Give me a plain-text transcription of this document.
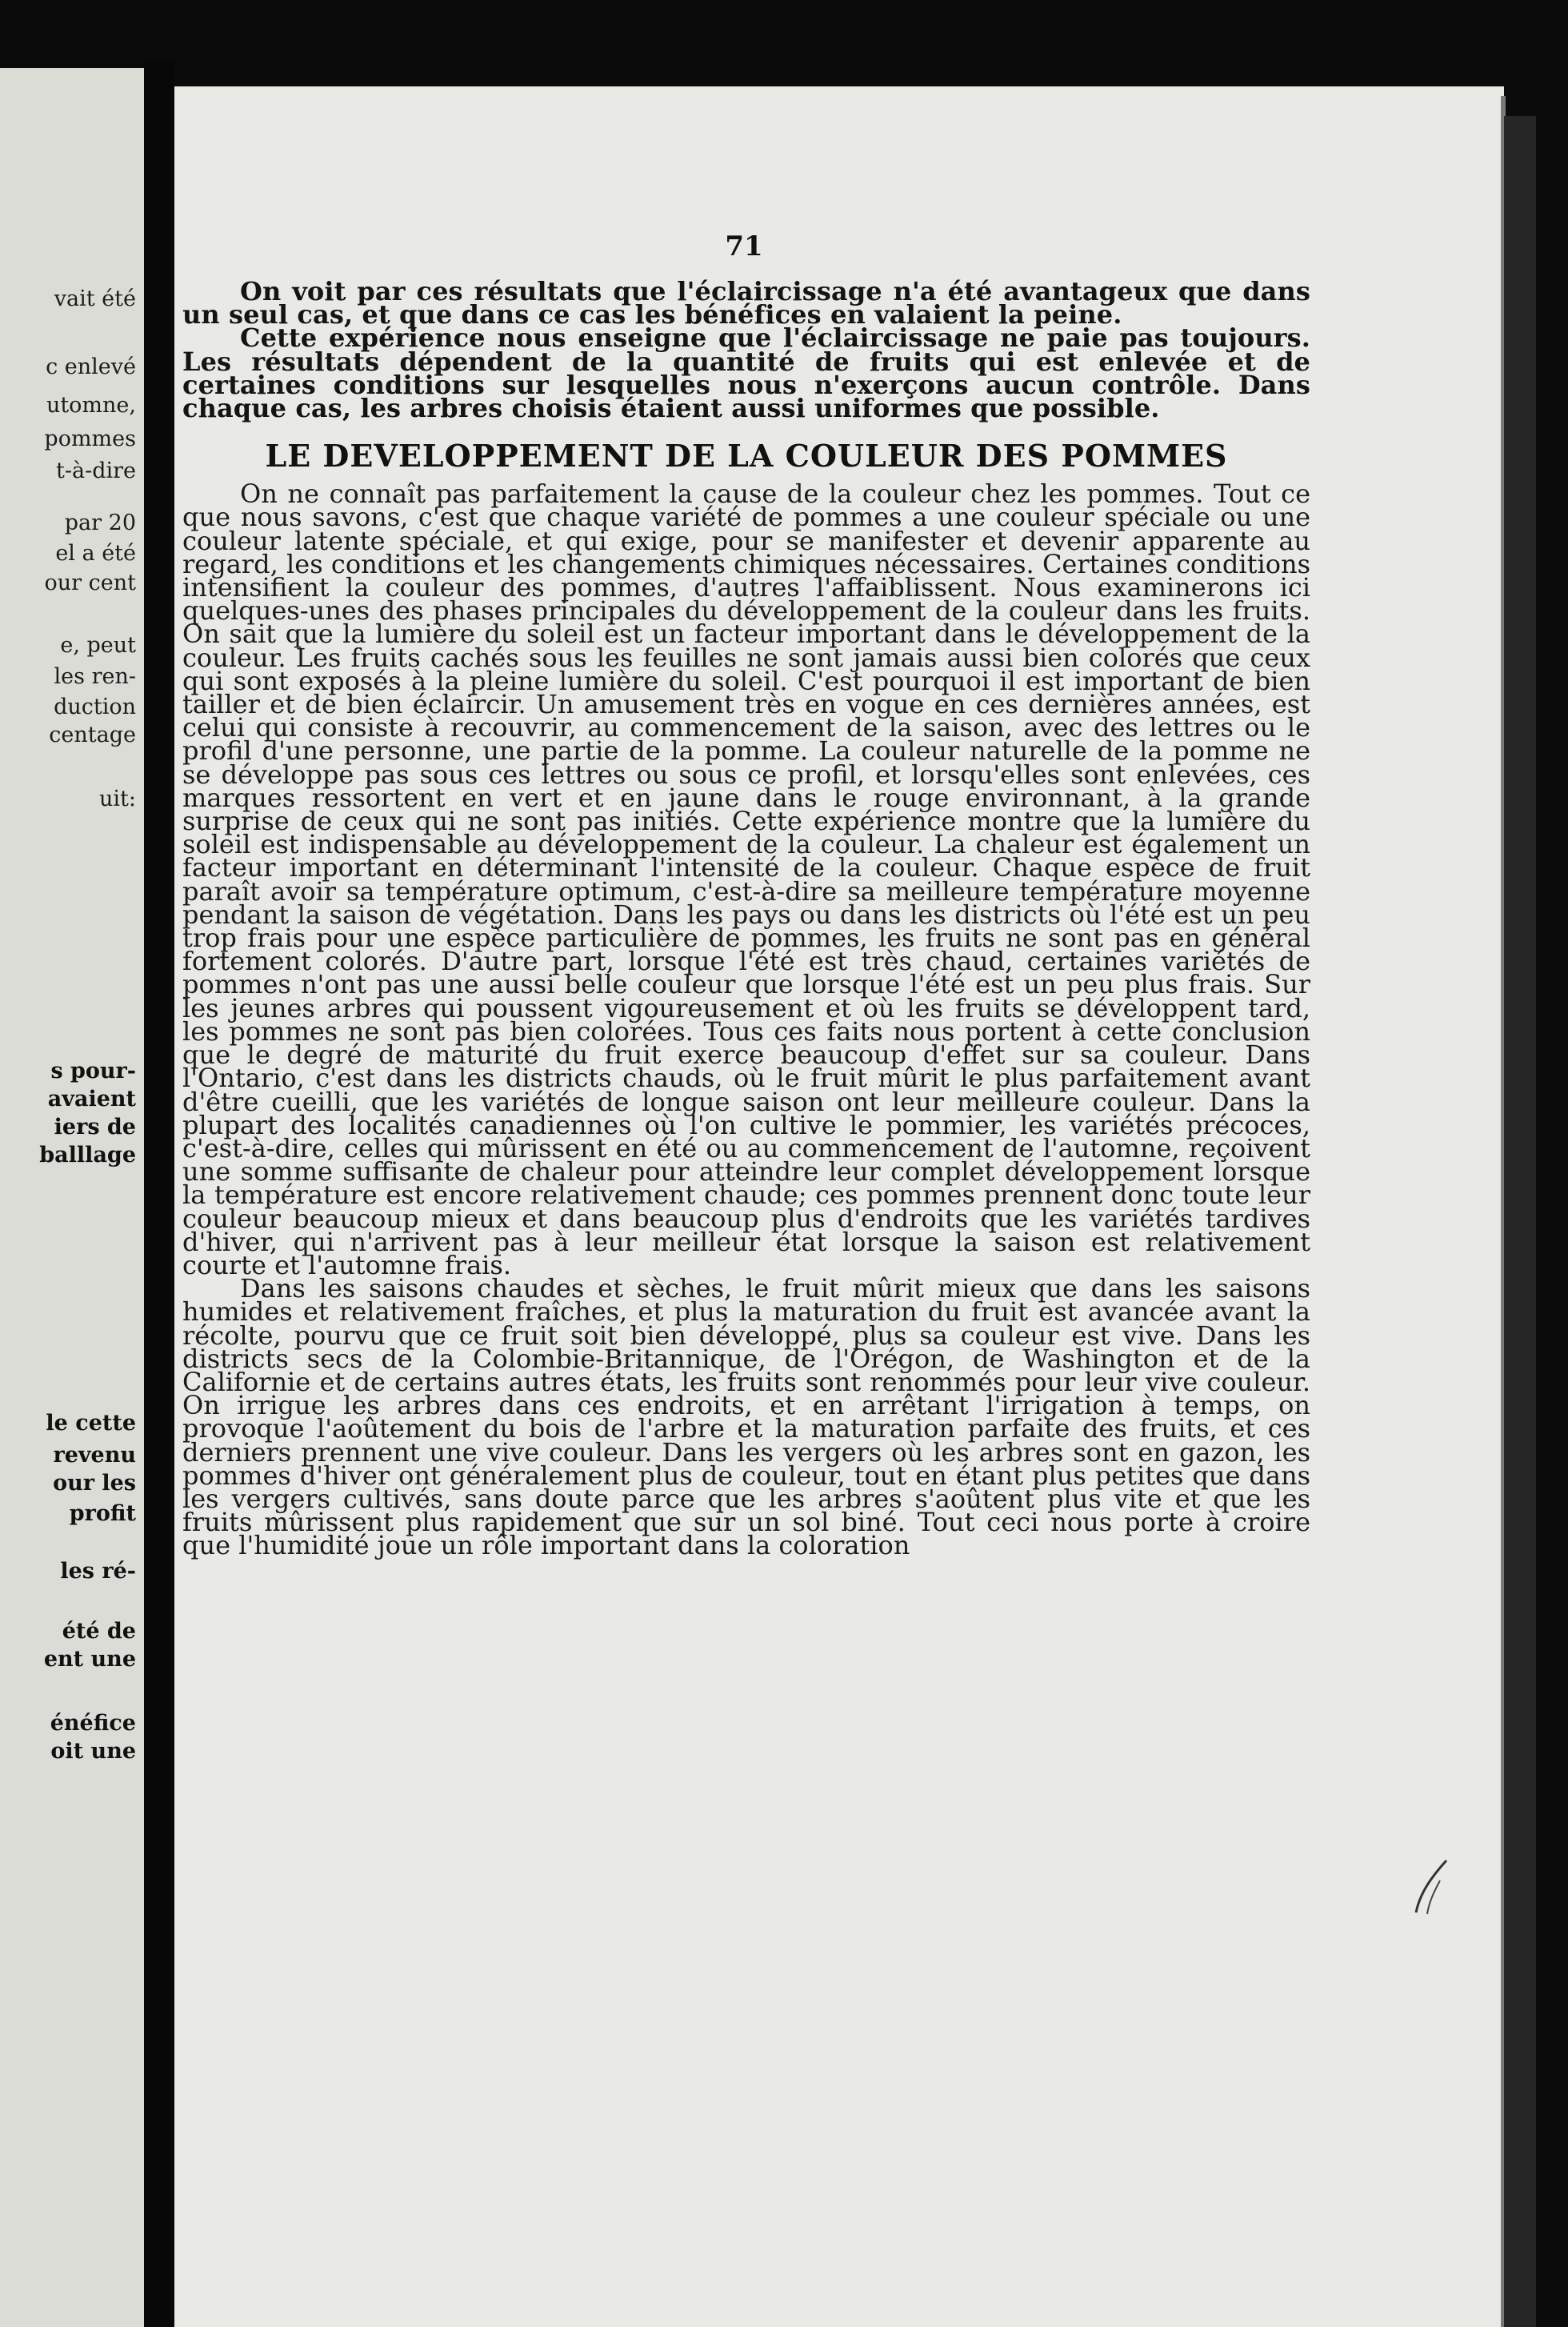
vait été
c enlevé
utomne,
pommes
t-à-dire
par 20
el a été
our cent
e, peut
les ren-
duction
centage
uit:
s pour-
avaient
iers de
balllage
le cette
revenu
our les
profit
les ré-
été de
ent une
énéfice
oit une
71

On voit par ces résultats que l'éclaircissage n'a été avantageux que dans un seul cas, et que dans ce cas les bénéfices en valaient la peine.

Cette expérience nous enseigne que l'éclaircissage ne paie pas toujours. Les résultats dépendent de la quantité de fruits qui est enlevée et de certaines conditions sur lesquelles nous n'exerçons aucun contrôle. Dans chaque cas, les arbres choisis étaient aussi uniformes que possible.

LE DEVELOPPEMENT DE LA COULEUR DES POMMES

On ne connaît pas parfaitement la cause de la couleur chez les pommes. Tout ce que nous savons, c'est que chaque variété de pommes a une couleur spéciale ou une couleur latente spéciale, et qui exige, pour se manifester et devenir apparente au regard, les conditions et les changements chimiques nécessaires. Certaines conditions intensifient la couleur des pommes, d'autres l'affaiblissent. Nous examinerons ici quelques-unes des phases principales du développement de la couleur dans les fruits. On sait que la lumière du soleil est un facteur important dans le développement de la couleur. Les fruits cachés sous les feuilles ne sont jamais aussi bien colorés que ceux qui sont exposés à la pleine lumière du soleil. C'est pourquoi il est important de bien tailler et de bien éclaircir. Un amusement très en vogue en ces dernières années, est celui qui consiste à recouvrir, au commencement de la saison, avec des lettres ou le profil d'une personne, une partie de la pomme. La couleur naturelle de la pomme ne se développe pas sous ces lettres ou sous ce profil, et lorsqu'elles sont enlevées, ces marques ressortent en vert et en jaune dans le rouge environnant, à la grande surprise de ceux qui ne sont pas initiés. Cette expérience montre que la lumière du soleil est indispensable au développement de la couleur. La chaleur est également un facteur important en déterminant l'intensité de la couleur. Chaque espèce de fruit paraît avoir sa température optimum, c'est-à-dire sa meilleure température moyenne pendant la saison de végétation. Dans les pays ou dans les districts où l'été est un peu trop frais pour une espèce particulière de pommes, les fruits ne sont pas en général fortement colorés. D'autre part, lorsque l'été est très chaud, certaines variétés de pommes n'ont pas une aussi belle couleur que lorsque l'été est un peu plus frais. Sur les jeunes arbres qui poussent vigoureusement et où les fruits se développent tard, les pommes ne sont pas bien colorées. Tous ces faits nous portent à cette conclusion que le degré de maturité du fruit exerce beaucoup d'effet sur sa couleur. Dans l'Ontario, c'est dans les districts chauds, où le fruit mûrit le plus parfaitement avant d'être cueilli, que les variétés de longue saison ont leur meilleure couleur. Dans la plupart des localités canadiennes où l'on cultive le pommier, les variétés précoces, c'est-à-dire, celles qui mûrissent en été ou au commencement de l'automne, reçoivent une somme suffisante de chaleur pour atteindre leur complet développement lorsque la température est encore relativement chaude; ces pommes prennent donc toute leur couleur beaucoup mieux et dans beaucoup plus d'endroits que les variétés tardives d'hiver, qui n'arrivent pas à leur meilleur état lorsque la saison est relativement courte et l'automne frais.

Dans les saisons chaudes et sèches, le fruit mûrit mieux que dans les saisons humides et relativement fraîches, et plus la maturation du fruit est avancée avant la récolte, pourvu que ce fruit soit bien développé, plus sa couleur est vive. Dans les districts secs de la Colombie-Britannique, de l'Orégon, de Washington et de la Californie et de certains autres états, les fruits sont renommés pour leur vive couleur. On irrigue les arbres dans ces endroits, et en arrêtant l'irrigation à temps, on provoque l'aoûtement du bois de l'arbre et la maturation parfaite des fruits, et ces derniers prennent une vive couleur. Dans les vergers où les arbres sont en gazon, les pommes d'hiver ont généralement plus de couleur, tout en étant plus petites que dans les vergers cultivés, sans doute parce que les arbres s'aoûtent plus vite et que les fruits mûrissent plus rapidement que sur un sol biné. Tout ceci nous porte à croire que l'humidité joue un rôle important dans la coloration
